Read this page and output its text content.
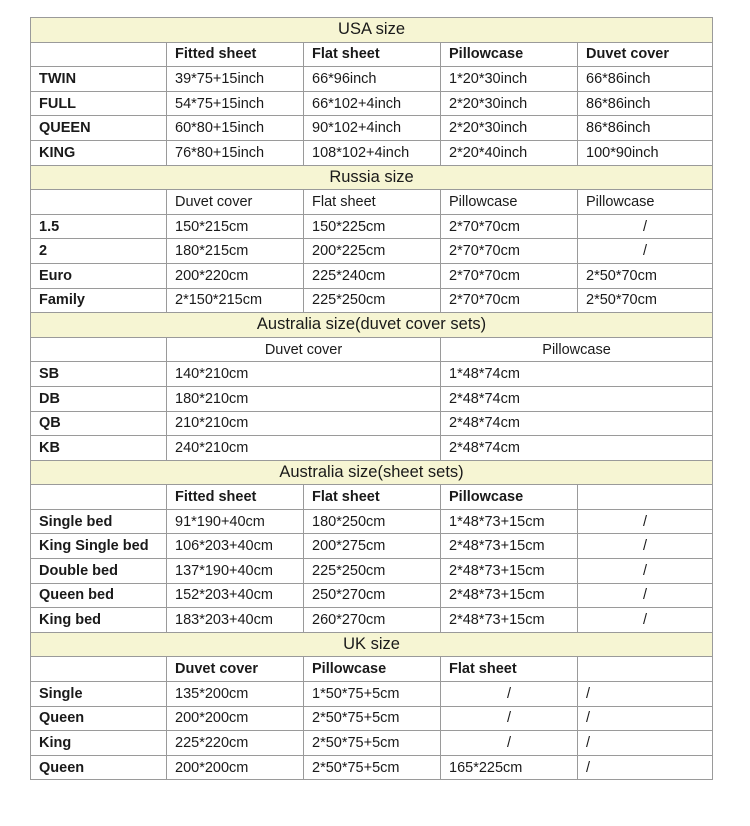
USA size				
	Fitted sheet	Flat sheet	Pillowcase	Duvet cover
TWIN	39*75+15inch	66*96inch	1*20*30inch	66*86inch
FULL	54*75+15inch	66*102+4inch	2*20*30inch	86*86inch
QUEEN	60*80+15inch	90*102+4inch	2*20*30inch	86*86inch
KING	76*80+15inch	108*102+4inch	2*20*40inch	100*90inch
Russia size				
	Duvet cover	Flat sheet	Pillowcase	Pillowcase
1.5	150*215cm	150*225cm	2*70*70cm	/
2	180*215cm	200*225cm	2*70*70cm	/
Euro	200*220cm	225*240cm	2*70*70cm	2*50*70cm
Family	2*150*215cm	225*250cm	2*70*70cm	2*50*70cm
Australia size(duvet cover sets)				
	Duvet cover		Pillowcase	
SB	140*210cm		1*48*74cm	
DB	180*210cm		2*48*74cm	
QB	210*210cm		2*48*74cm	
KB	240*210cm		2*48*74cm	
Australia size(sheet sets)				
	Fitted sheet	Flat sheet	Pillowcase	
Single bed	91*190+40cm	180*250cm	1*48*73+15cm	/
King Single bed	106*203+40cm	200*275cm	2*48*73+15cm	/
Double bed	137*190+40cm	225*250cm	2*48*73+15cm	/
Queen bed	152*203+40cm	250*270cm	2*48*73+15cm	/
King bed	183*203+40cm	260*270cm	2*48*73+15cm	/
UK size				
	Duvet cover	Pillowcase	Flat sheet	
Single	135*200cm	1*50*75+5cm	/	/
Queen	200*200cm	2*50*75+5cm	/	/
King	225*220cm	2*50*75+5cm	/	/
Queen	200*200cm	2*50*75+5cm	165*225cm	/
